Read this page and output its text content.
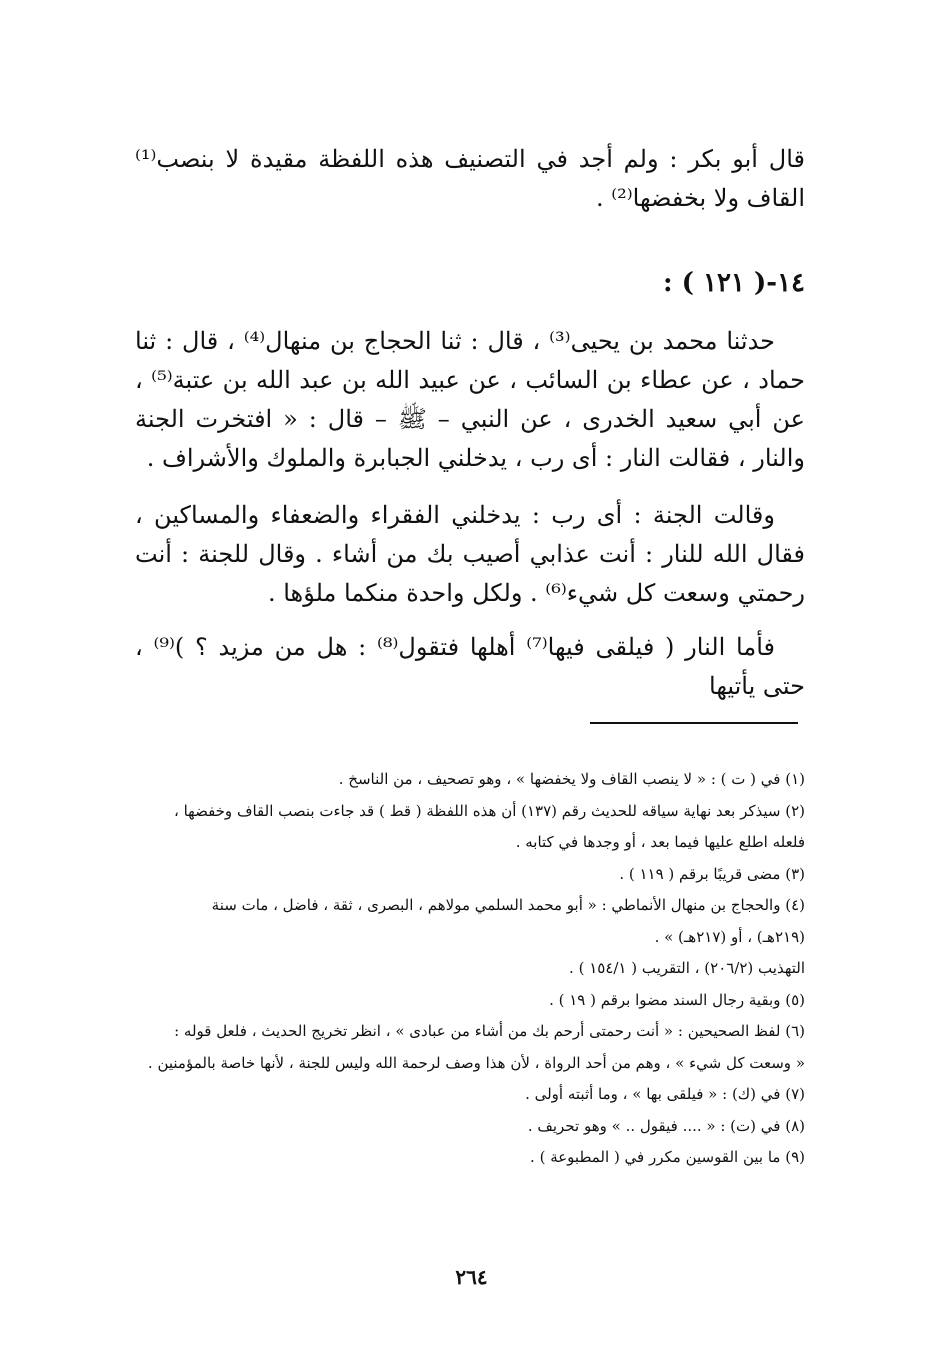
قال أبو بكر : ولم أجد في التصنيف هذه اللفظة مقيدة لا بنصب⁽¹⁾ القاف ولا بخفضها⁽²⁾ .

١٤-( ١٢١ ) :

حدثنا محمد بن يحيى⁽³⁾ ، قال : ثنا الحجاج بن منهال⁽⁴⁾ ، قال : ثنا حماد ، عن عطاء بن السائب ، عن عبيد الله بن عبد الله بن عتبة⁽⁵⁾ ، عن أبي سعيد الخدرى ، عن النبي – ﷺ – قال : « افتخرت الجنة والنار ، فقالت النار : أى رب ، يدخلني الجبابرة والملوك والأشراف .

وقالت الجنة : أى رب : يدخلني الفقراء والضعفاء والمساكين ، فقال الله للنار : أنت عذابي أصيب بك من أشاء . وقال للجنة : أنت رحمتي وسعت كل شيء⁽⁶⁾ . ولكل واحدة منكما ملؤها .

فأما النار ( فيلقى فيها⁽⁷⁾ أهلها فتقول⁽⁸⁾ : هل من مزيد ؟ )⁽⁹⁾ ، حتى يأتيها

(١) في ( ت ) : « لا ينصب القاف ولا يخفضها » ، وهو تصحيف ، من الناسخ .

(٢) سيذكر بعد نهاية سياقه للحديث رقم (١٣٧) أن هذه اللفظة ( قط ) قد جاءت بنصب القاف وخفضها ،

فلعله اطلع عليها فيما بعد ، أو وجدها في كتابه .

(٣) مضى قريبًا برقم ( ١١٩ ) .

(٤) والحجاج بن منهال الأنماطي : « أبو محمد السلمي مولاهم ، البصرى ، ثقة ، فاضل ، مات سنة

(٢١٩هـ) ، أو (٢١٧هـ) » .

التهذيب (٢٠٦/٢) ، التقريب ( ١٥٤/١ ) .

(٥) وبقية رجال السند مضوا برقم ( ١٩ ) .

(٦) لفظ الصحيحين : « أنت رحمتى أرحم بك من أشاء من عبادى » ، انظر تخريج الحديث ، فلعل قوله :

« وسعت كل شيء » ، وهم من أحد الرواة ، لأن هذا وصف لرحمة الله وليس للجنة ، لأنها خاصة بالمؤمنين .

(٧) في (ك) : « فيلقى بها » ، وما أثبته أولى .

(٨) في (ت) : « .... فيقول .. » وهو تحريف .

(٩) ما بين القوسين مكرر في ( المطبوعة ) .

٢٦٤
